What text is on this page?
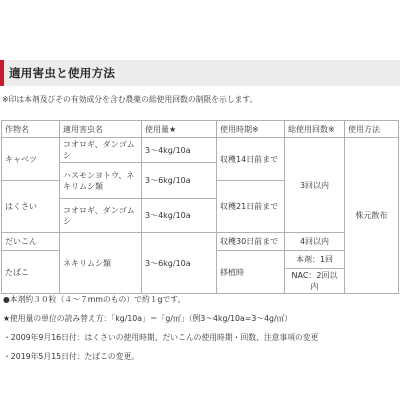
適用害虫と使用方法
※印は本剤及びその有効成分を含む農薬の総使用回数の制限を示します。
作物名	適用害虫名	使用量★	使用時期※	総使用回数※	使用方法
キャベツ	コオロギ、ダンゴムシ	3～4kg/10a	収穫14日前まで	3回以内	株元散布
	ハスモンヨトウ、ネキリムシ類	3～6kg/10a			
はくさい			収穫21日前まで		
	コオロギ、ダンゴムシ	3～4kg/10a			
だいこん	ネキリムシ類	3～6kg/10a	収穫30日前まで	4回以内	
たばこ			移植時	本剤：1回	
				NAC：2回以内	
●本剤約３０粒（４～７mmのもの）で約１gです。
★使用量の単位の読み替え方：「kg/10a」＝「g/㎡」（例3～4kg/10a=3～4g/㎡）
・2009年9月16日付：はくさいの使用時期、だいこんの使用時期・回数、注意事項の変更
・2019年5月15日付：たばこの変更。
